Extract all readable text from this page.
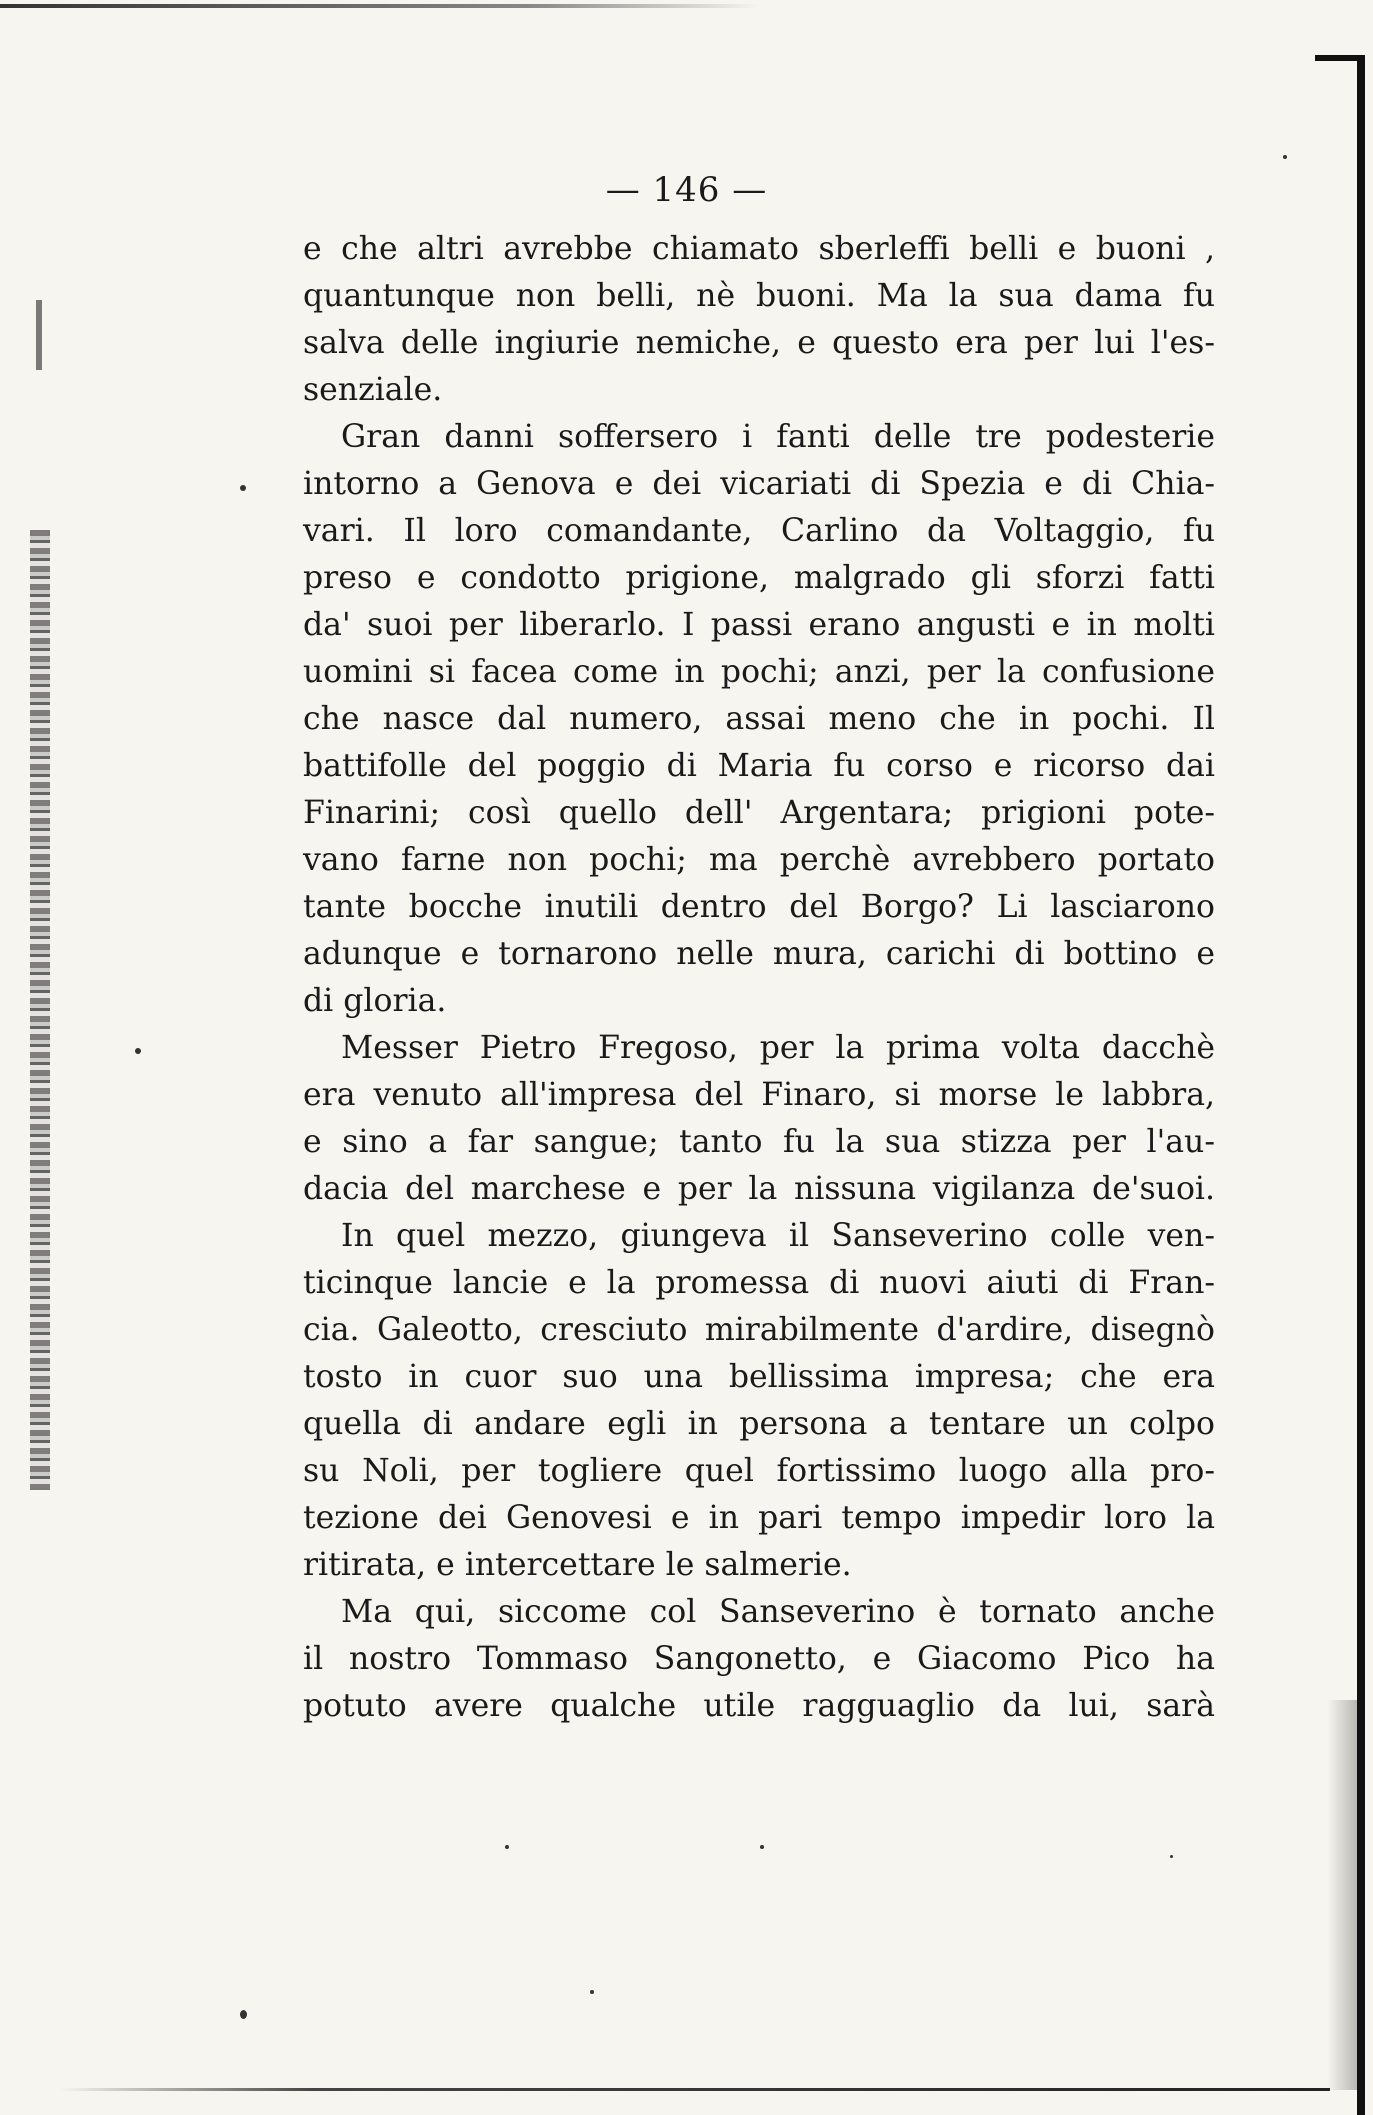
— 146 —
e che altri avrebbe chiamato sberleffi belli e buoni ,
quantunque non belli, nè buoni. Ma la sua dama fu
salva delle ingiurie nemiche, e questo era per lui l'es-
senziale.
Gran danni soffersero i fanti delle tre podesterie
intorno a Genova e dei vicariati di Spezia e di Chia-
vari. Il loro comandante, Carlino da Voltaggio, fu
preso e condotto prigione, malgrado gli sforzi fatti
da' suoi per liberarlo. I passi erano angusti e in molti
uomini si facea come in pochi; anzi, per la confusione
che nasce dal numero, assai meno che in pochi. Il
battifolle del poggio di Maria fu corso e ricorso dai
Finarini; così quello dell' Argentara; prigioni pote-
vano farne non pochi; ma perchè avrebbero portato
tante bocche inutili dentro del Borgo? Li lasciarono
adunque e tornarono nelle mura, carichi di bottino e
di gloria.
Messer Pietro Fregoso, per la prima volta dacchè
era venuto all'impresa del Finaro, si morse le labbra,
e sino a far sangue; tanto fu la sua stizza per l'au-
dacia del marchese e per la nissuna vigilanza de'suoi.
In quel mezzo, giungeva il Sanseverino colle ven-
ticinque lancie e la promessa di nuovi aiuti di Fran-
cia. Galeotto, cresciuto mirabilmente d'ardire, disegnò
tosto in cuor suo una bellissima impresa; che era
quella di andare egli in persona a tentare un colpo
su Noli, per togliere quel fortissimo luogo alla pro-
tezione dei Genovesi e in pari tempo impedir loro la
ritirata, e intercettare le salmerie.
Ma qui, siccome col Sanseverino è tornato anche
il nostro Tommaso Sangonetto, e Giacomo Pico ha
potuto avere qualche utile ragguaglio da lui, sarà
